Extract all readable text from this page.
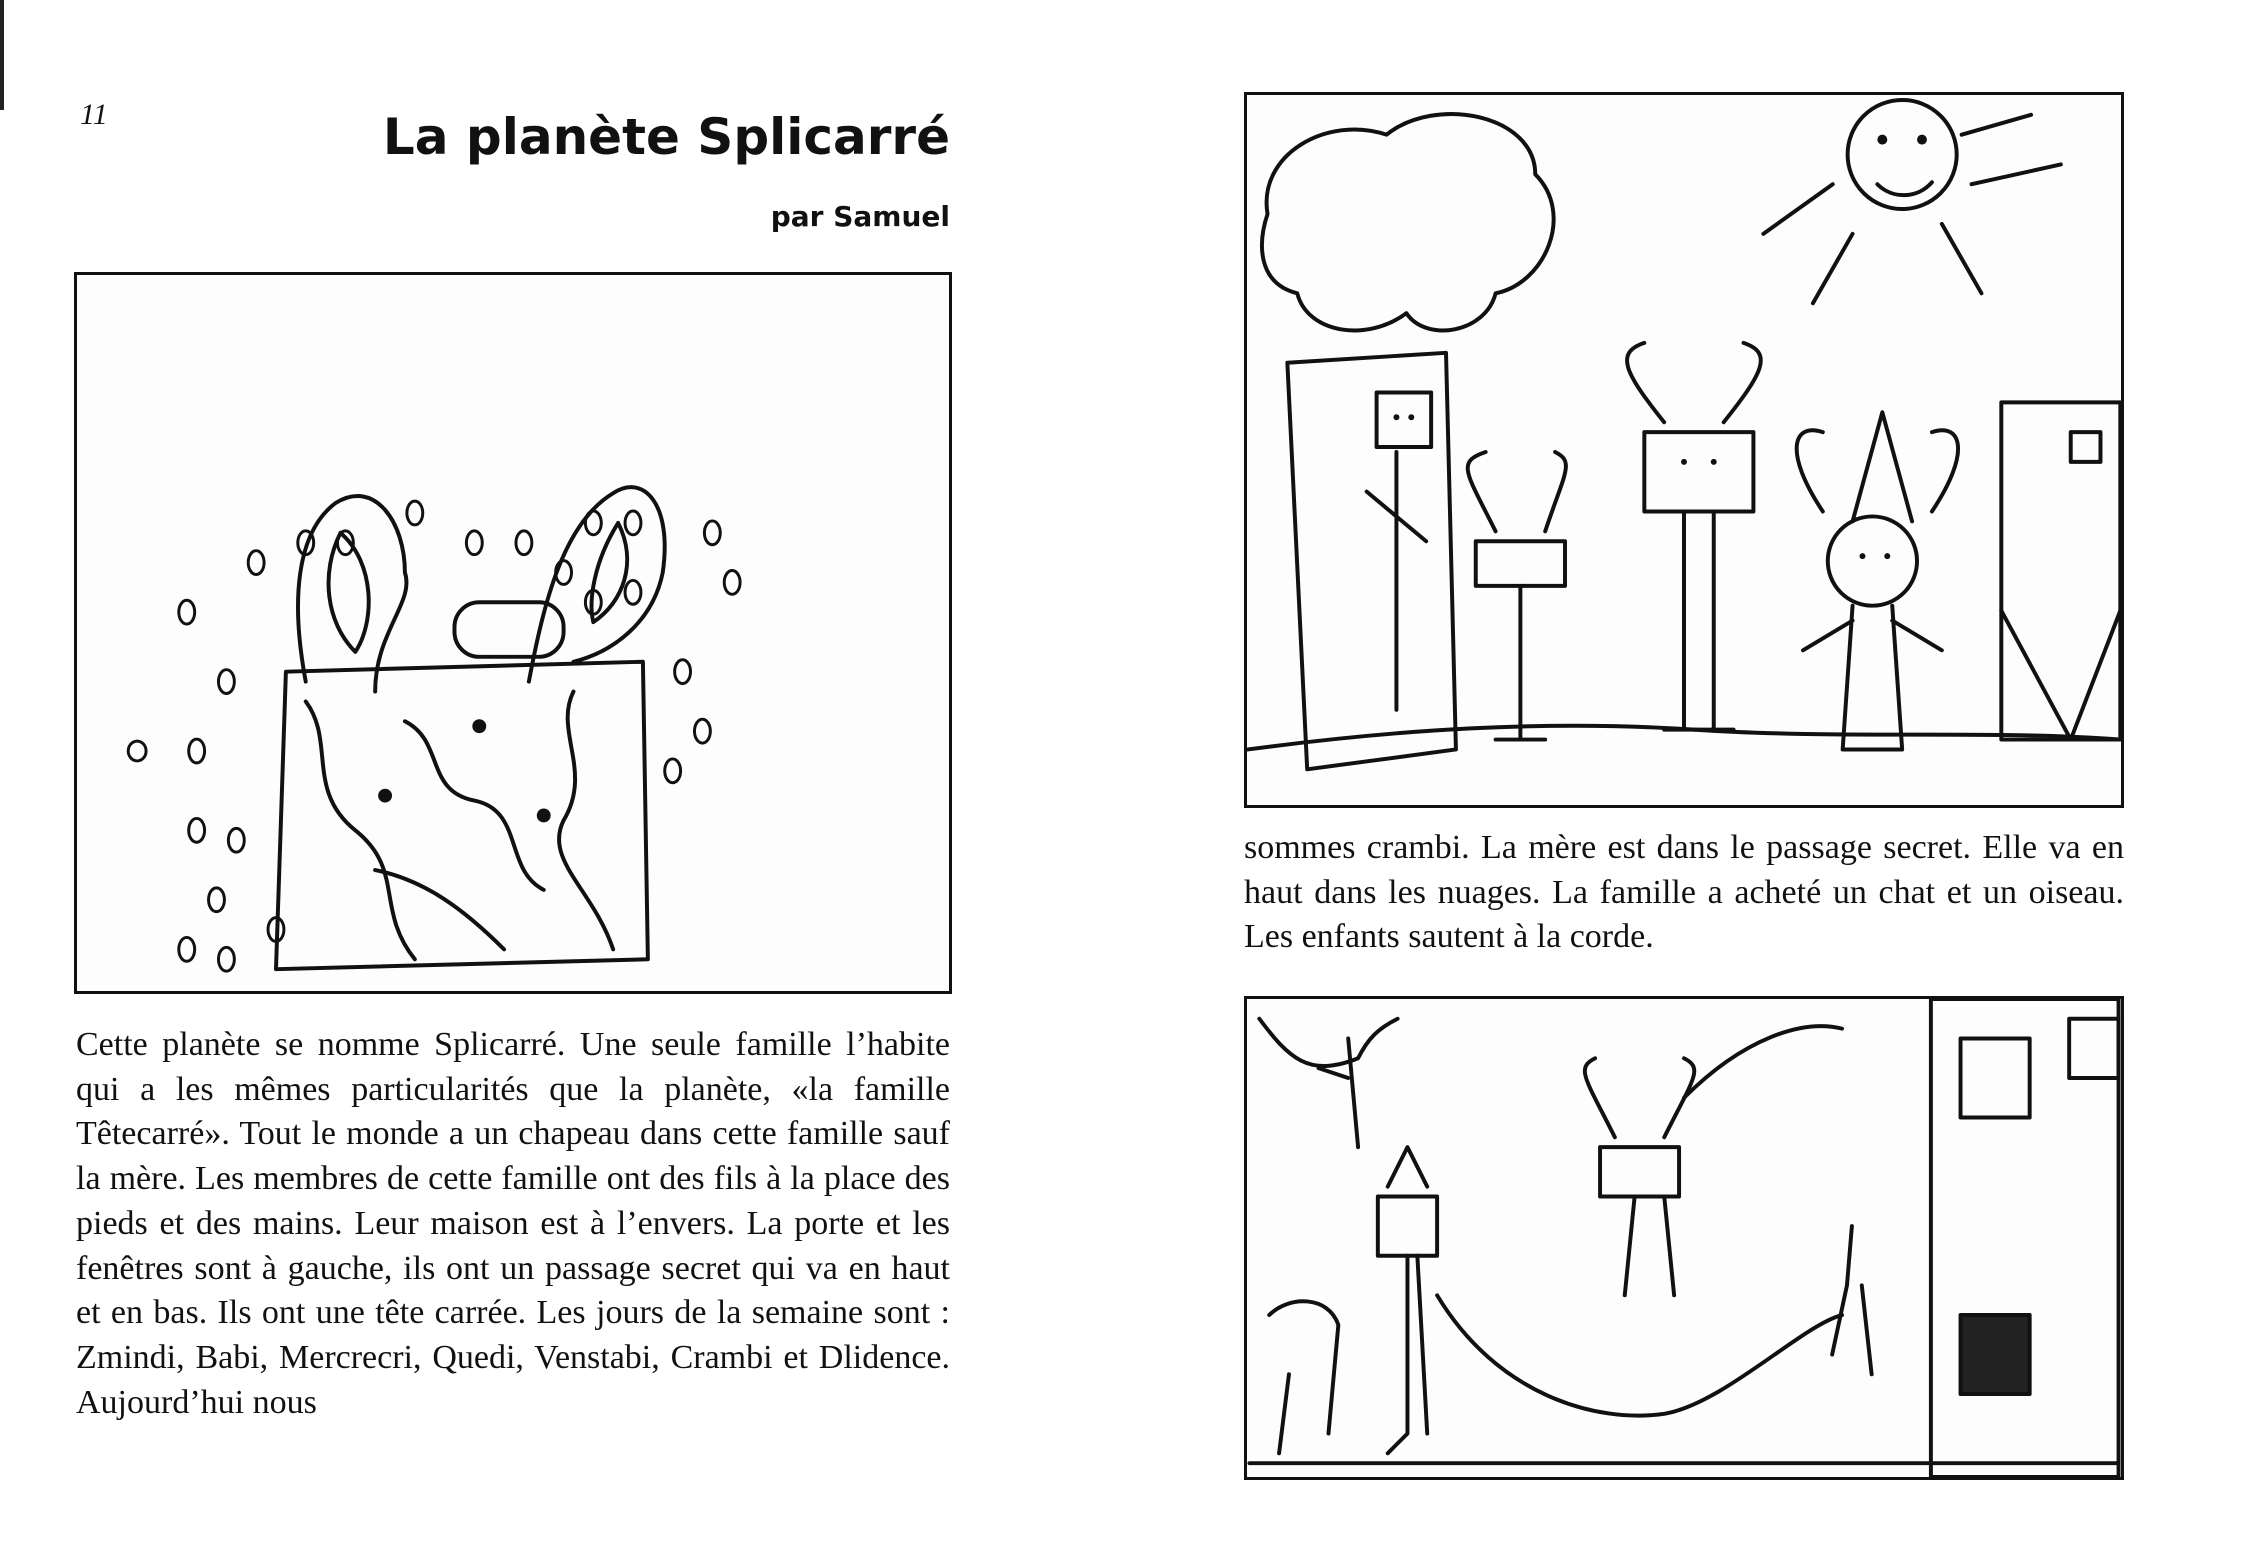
11	La planète Splicarré
par Samuel

sommes crambi. La mère est dans le passage secret. Elle va en haut dans les nuages. La famille a acheté un chat et un oiseau. Les enfants sautent à la corde.

Cette planète se nomme Splicarré. Une seule famille l’habite qui a les mêmes particularités que la planète, «la famille Têtecarré». Tout le monde a un chapeau dans cette famille sauf la mère. Les membres de cette famille ont des fils à la place des pieds et des mains. Leur maison est à l’envers. La porte et les fenêtres sont à gauche, ils ont un passage secret qui va en haut et en bas. Ils ont une tête carrée. Les jours de la semaine sont : Zmindi, Babi, Mercrecri, Quedi, Venstabi, Crambi et Dlidence. Aujourd’hui nous
